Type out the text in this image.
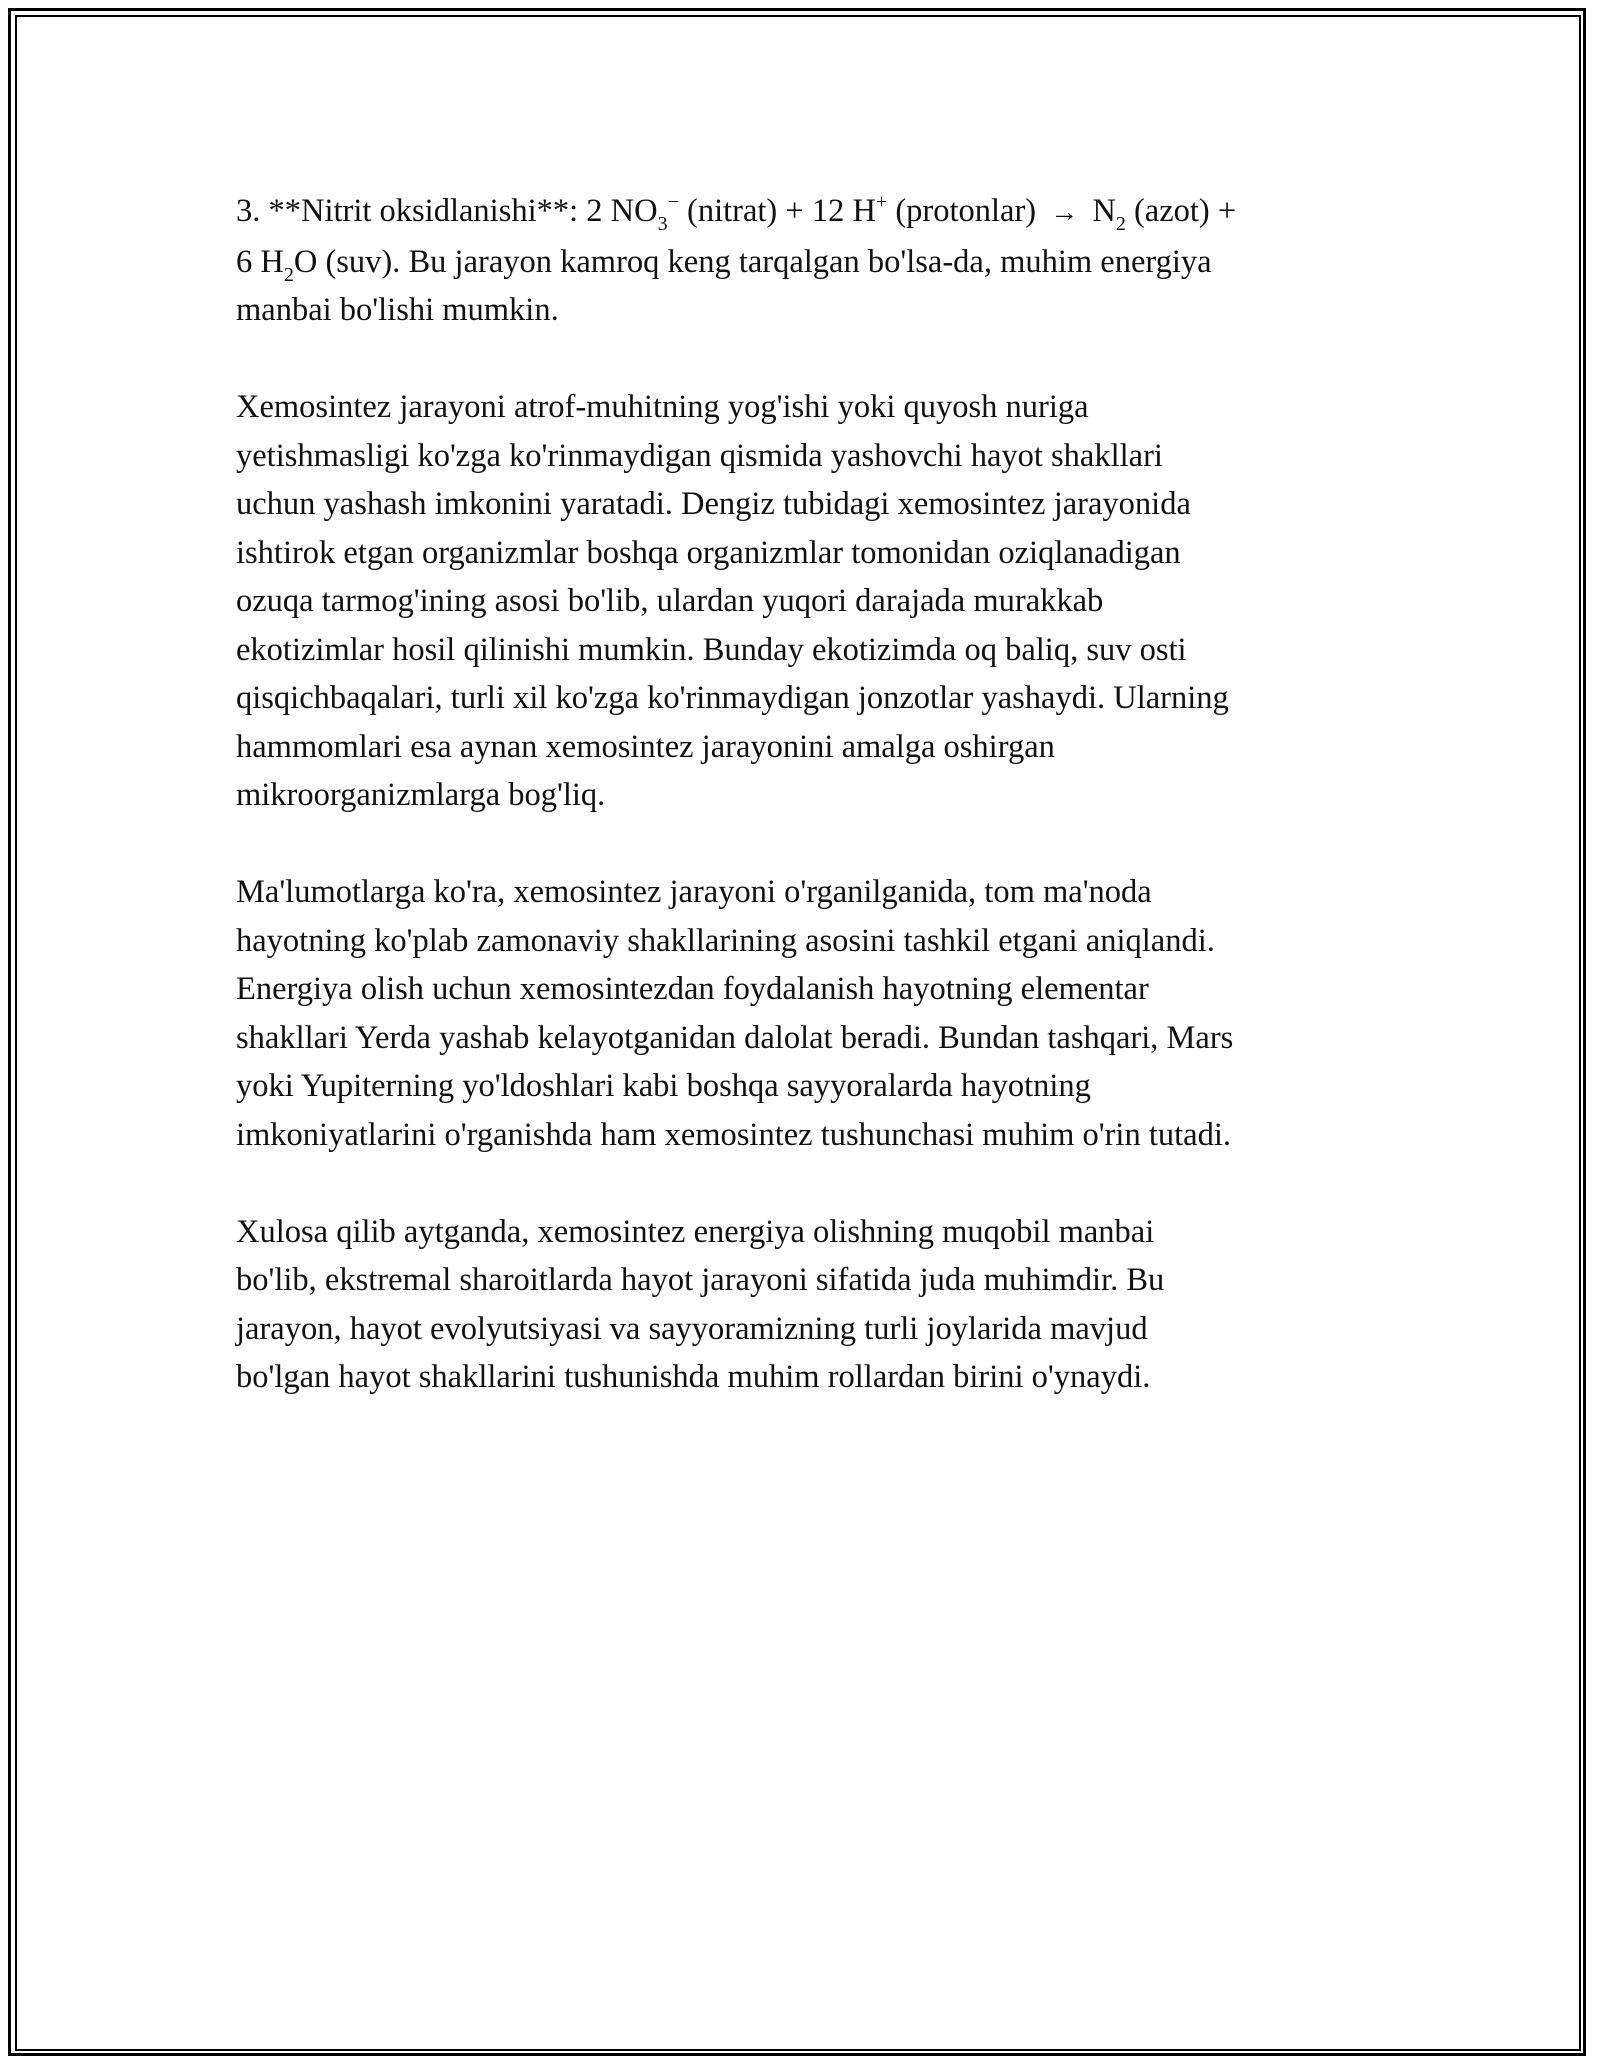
3. **Nitrit oksidlanishi**: 2 $NO_3^-$ (nitrat) + 12 H+ (protonlar) → $N_2$ (azot) +
6 $H_2O$ (suv). Bu jarayon kamroq keng tarqalgan bo'lsa-da, muhim energiya
manbai bo'lishi mumkin.

Xemosintez jarayoni atrof-muhitning yog'ishi yoki quyosh nuriga
yetishmasligi ko'zga ko'rinmaydigan qismida yashovchi hayot shakllari
uchun yashash imkonini yaratadi. Dengiz tubidagi xemosintez jarayonida
ishtirok etgan organizmlar boshqa organizmlar tomonidan oziqlanadigan
ozuqa tarmog'ining asosi bo'lib, ulardan yuqori darajada murakkab
ekotizimlar hosil qilinishi mumkin. Bunday ekotizimda oq baliq, suv osti
qisqichbaqalari, turli xil ko'zga ko'rinmaydigan jonzotlar yashaydi. Ularning
hammomlari esa aynan xemosintez jarayonini amalga oshirgan
mikroorganizmlarga bog'liq.

Ma'lumotlarga ko'ra, xemosintez jarayoni o'rganilganida, tom ma'noda
hayotning ko'plab zamonaviy shakllarining asosini tashkil etgani aniqlandi.
Energiya olish uchun xemosintezdan foydalanish hayotning elementar
shakllari Yerda yashab kelayotganidan dalolat beradi. Bundan tashqari, Mars
yoki Yupiterning yo'ldoshlari kabi boshqa sayyoralarda hayotning
imkoniyatlarini o'rganishda ham xemosintez tushunchasi muhim o'rin tutadi.

Xulosa qilib aytganda, xemosintez energiya olishning muqobil manbai
bo'lib, ekstremal sharoitlarda hayot jarayoni sifatida juda muhimdir. Bu
jarayon, hayot evolyutsiyasi va sayyoramizning turli joylarida mavjud
bo'lgan hayot shakllarini tushunishda muhim rollardan birini o'ynaydi.
